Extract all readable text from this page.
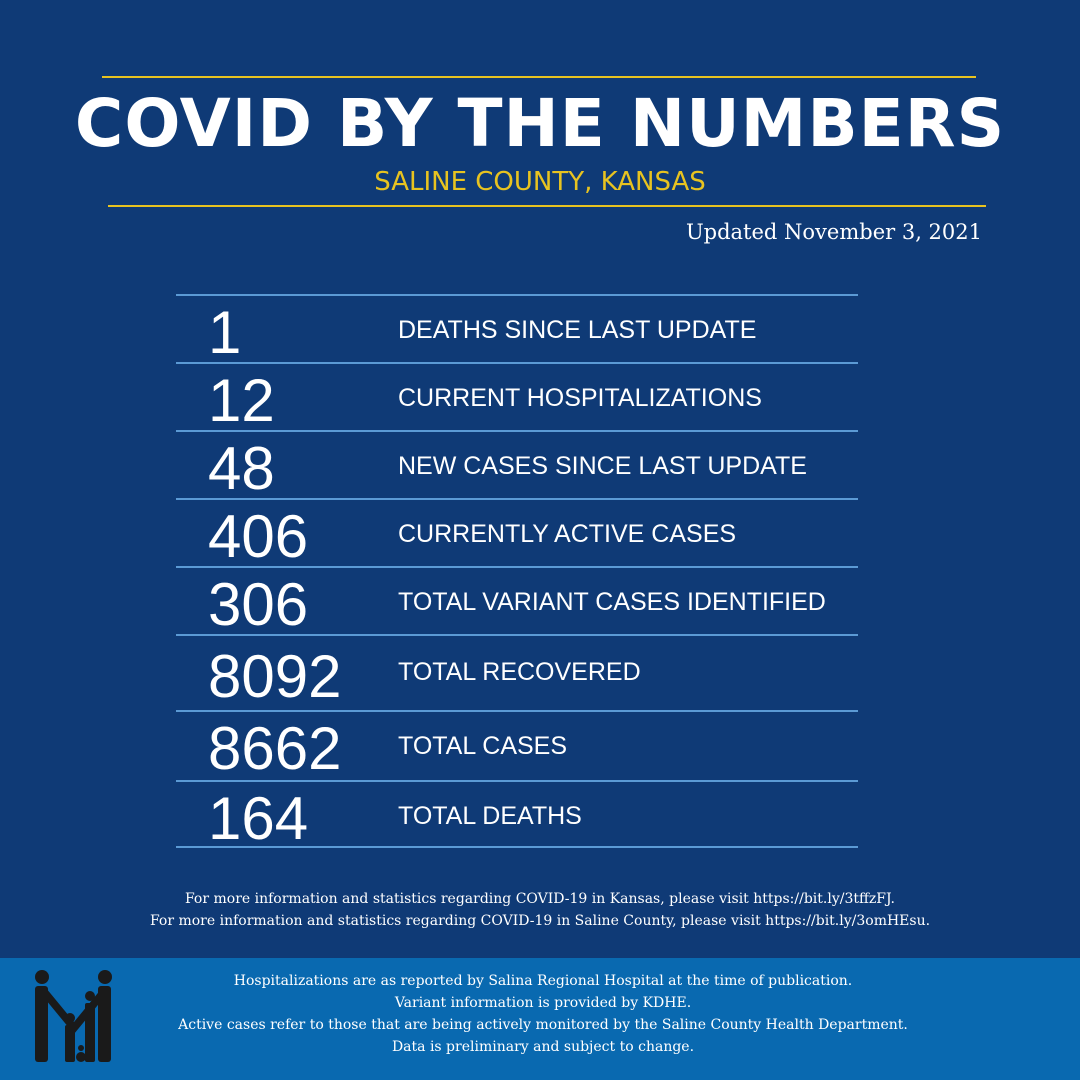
COVID BY THE NUMBERS
SALINE COUNTY, KANSAS
Updated November 3, 2021
1	DEATHS SINCE LAST UPDATE
12	CURRENT HOSPITALIZATIONS
48	NEW CASES SINCE LAST UPDATE
406	CURRENTLY ACTIVE CASES
306	TOTAL VARIANT CASES IDENTIFIED
8092 TOTAL RECOVERED
8662 TOTAL CASES
164	TOTAL DEATHS
For more information and statistics regarding COVID-19 in Kansas, please visit https://bit.ly/3tffzFJ.
For more information and statistics regarding COVID-19 in Saline County, please visit https://bit.ly/3omHEsu.
Hospitalizations are as reported by Salina Regional Hospital at the time of publication.
Variant information is provided by KDHE.
Active cases refer to those that are being actively monitored by the Saline County Health Department.
Data is preliminary and subject to change.
